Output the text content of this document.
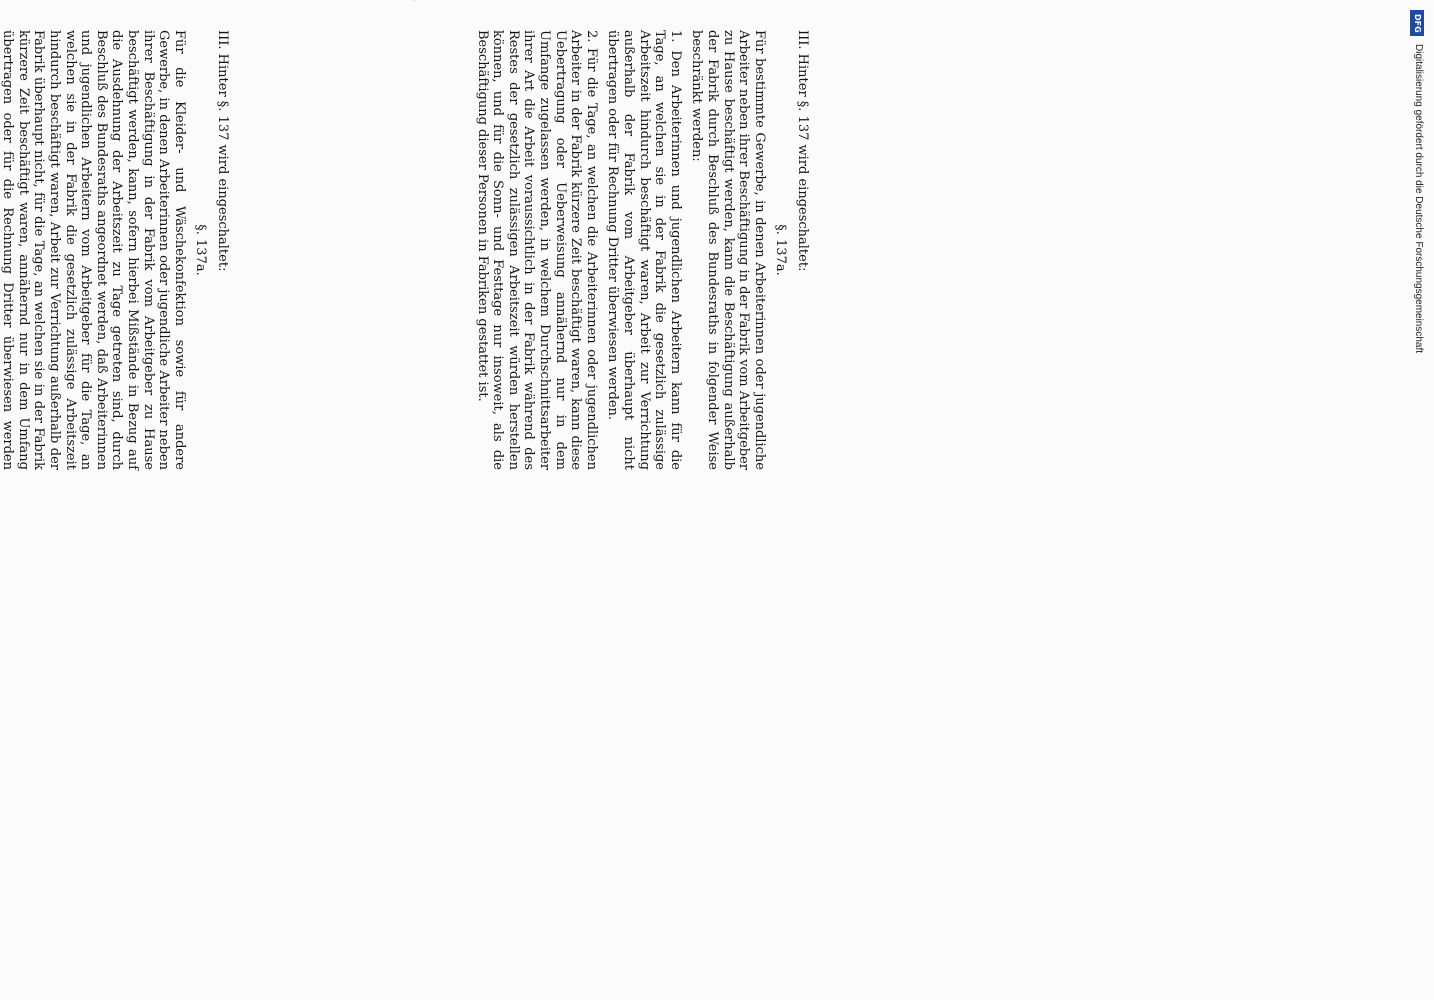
III. Hinter §. 137 wird eingeschaltet:

§. 137a.

Für die Kleider- und Wäschekonfektion sowie für andere Gewerbe, in denen Arbeiterinnen oder jugendliche Arbeiter neben ihrer Beschäftigung in der Fabrik vom Arbeitgeber zu Hause beschäftigt werden, kann, sofern hierbei Mißstände in Bezug auf die Ausdehnung der Arbeitszeit zu Tage getreten sind, durch Beschluß des Bundesraths angeordnet werden, daß Arbeiterinnen und jugendlichen Arbeitern vom Arbeitgeber für die Tage, an welchen sie in der Fabrik die gesetzlich zulässige Arbeitszeit hindurch beschäftigt waren, Arbeit zur Verrichtung außerhalb der Fabrik überhaupt nicht, für die Tage, an welchen sie in der Fabrik kürzere Zeit beschäftigt waren, annähernd nur in dem Umfang übertragen oder für die Rechnung Dritter überwiesen werden

III. Hinter §. 137 wird eingeschaltet:

§. 137a.

Für bestimmte Gewerbe, in denen Arbeiterinnen oder jugendliche Arbeiter neben ihrer Beschäftigung in der Fabrik vom Arbeitgeber zu Hause beschäftigt werden, kann die Beschäftigung außerhalb der Fabrik durch Beschluß des Bundesraths in folgender Weise beschränkt werden:

1. Den Arbeiterinnen und jugendlichen Arbeitern kann für die Tage, an welchen sie in der Fabrik die gesetzlich zulässige Arbeitszeit hindurch beschäftigt waren, Arbeit zur Verrichtung außerhalb der Fabrik vom Arbeitgeber überhaupt nicht übertragen oder für Rechnung Dritter überwiesen werden.

2. Für die Tage, an welchen die Arbeiterinnen oder jugendlichen Arbeiter in der Fabrik kürzere Zeit beschäftigt waren, kann diese Uebertragung oder Ueberweisung annähernd nur in dem Umfange zugelassen werden, in welchem Durchschnittsarbeiter ihrer Art die Arbeit voraussichtlich in der Fabrik während des Restes der gesetzlich zulässigen Arbeitszeit würden herstellen können, und für die Sonn- und Festtage nur insoweit, als die Beschäftigung dieser Personen in Fabriken gestattet ist.

DFG
Digitalisierung gefördert durch die Deutsche Forschungsgemeinschaft
